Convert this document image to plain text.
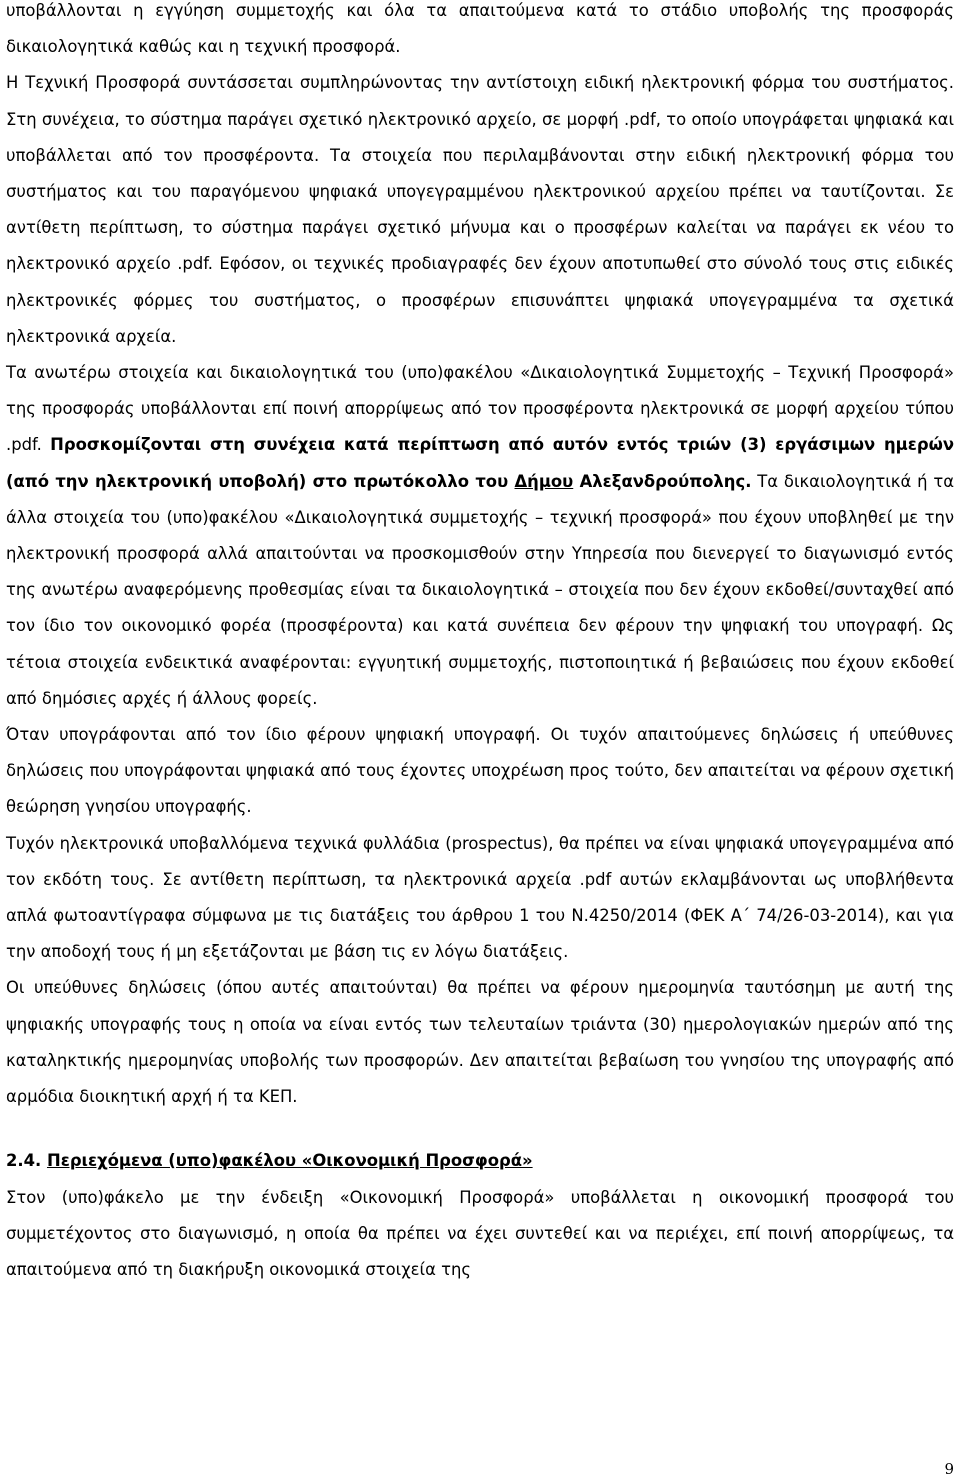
υποβάλλονται η εγγύηση συμμετοχής και όλα τα απαιτούμενα κατά το στάδιο υποβολής της προσφοράς δικαιολογητικά καθώς και η τεχνική προσφορά.

Η Τεχνική Προσφορά συντάσσεται συμπληρώνοντας την αντίστοιχη ειδική ηλεκτρονική φόρμα του συστήματος. Στη συνέχεια, το σύστημα παράγει σχετικό ηλεκτρονικό αρχείο, σε μορφή .pdf, το οποίο υπογράφεται ψηφιακά και υποβάλλεται από τον προσφέροντα. Τα στοιχεία που περιλαμβάνονται στην ειδική ηλεκτρονική φόρμα του συστήματος και του παραγόμενου ψηφιακά υπογεγραμμένου ηλεκτρονικού αρχείου πρέπει να ταυτίζονται. Σε αντίθετη περίπτωση, το σύστημα παράγει σχετικό μήνυμα και ο προσφέρων καλείται να παράγει εκ νέου το ηλεκτρονικό αρχείο .pdf. Εφόσον, οι τεχνικές προδιαγραφές δεν έχουν αποτυπωθεί στο σύνολό τους στις ειδικές ηλεκτρονικές φόρμες του συστήματος, ο προσφέρων επισυνάπτει ψηφιακά υπογεγραμμένα τα σχετικά ηλεκτρονικά αρχεία.

Τα ανωτέρω στοιχεία και δικαιολογητικά του (υπο)φακέλου «Δικαιολογητικά Συμμετοχής – Τεχνική Προσφορά» της προσφοράς υποβάλλονται επί ποινή απορρίψεως από τον προσφέροντα ηλεκτρονικά σε μορφή αρχείου τύπου .pdf. Προσκομίζονται στη συνέχεια κατά περίπτωση από αυτόν εντός τριών (3) εργάσιμων ημερών (από την ηλεκτρονική υποβολή) στο πρωτόκολλο του Δήμου Αλεξανδρούπολης. Τα δικαιολογητικά ή τα άλλα στοιχεία του (υπο)φακέλου «Δικαιολογητικά συμμετοχής – τεχνική προσφορά» που έχουν υποβληθεί με την ηλεκτρονική προσφορά αλλά απαιτούνται να προσκομισθούν στην Υπηρεσία που διενεργεί το διαγωνισμό εντός της ανωτέρω αναφερόμενης προθεσμίας είναι τα δικαιολογητικά – στοιχεία που δεν έχουν εκδοθεί/συνταχθεί από τον ίδιο τον οικονομικό φορέα (προσφέροντα) και κατά συνέπεια δεν φέρουν την ψηφιακή του υπογραφή. Ως τέτοια στοιχεία ενδεικτικά αναφέρονται: εγγυητική συμμετοχής, πιστοποιητικά ή βεβαιώσεις που έχουν εκδοθεί από δημόσιες αρχές ή άλλους φορείς.

Όταν υπογράφονται από τον ίδιο φέρουν ψηφιακή υπογραφή. Οι τυχόν απαιτούμενες δηλώσεις ή υπεύθυνες δηλώσεις που υπογράφονται ψηφιακά από τους έχοντες υποχρέωση προς τούτο, δεν απαιτείται να φέρουν σχετική θεώρηση γνησίου υπογραφής.

Τυχόν ηλεκτρονικά υποβαλλόμενα τεχνικά φυλλάδια (prospectus), θα πρέπει να είναι ψηφιακά υπογεγραμμένα από τον εκδότη τους. Σε αντίθετη περίπτωση, τα ηλεκτρονικά αρχεία .pdf αυτών εκλαμβάνονται ως υποβλήθεντα απλά φωτοαντίγραφα σύμφωνα με τις διατάξεις του άρθρου 1 του Ν.4250/2014 (ΦΕΚ Α΄ 74/26-03-2014), και για την αποδοχή τους ή μη εξετάζονται με βάση τις εν λόγω διατάξεις.

Οι υπεύθυνες δηλώσεις (όπου αυτές απαιτούνται) θα πρέπει να φέρουν ημερομηνία ταυτόσημη με αυτή της ψηφιακής υπογραφής τους η οποία να είναι εντός των τελευταίων τριάντα (30) ημερολογιακών ημερών από της καταληκτικής ημερομηνίας υποβολής των προσφορών. Δεν απαιτείται βεβαίωση του γνησίου της υπογραφής από αρμόδια διοικητική αρχή ή τα ΚΕΠ.

2.4. Περιεχόμενα (υπο)φακέλου «Οικονομική Προσφορά»

Στον (υπο)φάκελο με την ένδειξη «Οικονομική Προσφορά» υποβάλλεται η οικονομική προσφορά του συμμετέχοντος στο διαγωνισμό, η οποία θα πρέπει να έχει συντεθεί και να περιέχει, επί ποινή απορρίψεως, τα απαιτούμενα από τη διακήρυξη οικονομικά στοιχεία της

9
